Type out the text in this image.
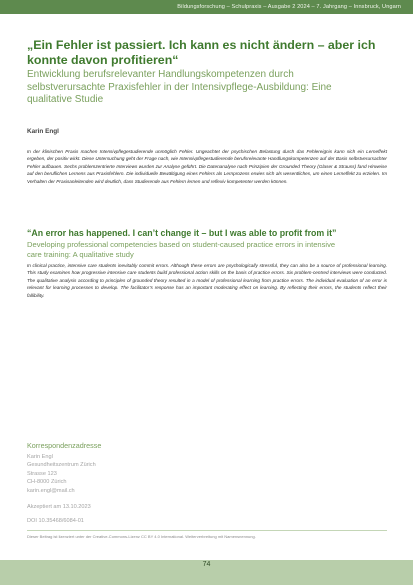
Bildungsforschung – Schulpraxis – Ausgabe 2 2024 – 7. Jahrgang – Innsbruck, Ungarn
„Ein Fehler ist passiert. Ich kann es nicht ändern – aber ich konnte davon profitieren“

Entwicklung berufsrelevanter Handlungskompetenzen durch selbstverursachte Praxisfehler in der Intensivpflege-Ausbildung: Eine qualitative Studie

Karin Engl

In der klinischen Praxis machen Intensivpflegestudierende unmöglich Fehler. Ungeachtet der psychischen Belastung durch das Fehlereignis kann sich ein Lerneffekt ergeben, der positiv wirkt. Diese Untersuchung geht der Frage nach, wie Intensivpflegestudierende berufsrelevante Handlungskompetenzen auf der Basis selbstverursachter Fehler aufbauen. Sechs problemzentrierte Interviews wurden zur Analyse geführt. Die Datenanalyse nach Prinzipien der Grounded Theory (Glaser & Strauss) fand Hinweise auf den beruflichen Lernens aus Praxisfehlern. Die individuelle Bewältigung eines Fehlers als Lernprozess erwies sich als wesentliches, um einen Lerneffekt zu erzielen. Im Verhalten der Praxisanleitenden wird deutlich, dass Studierende aus Fehlern lernen und reflexiv kompetenter werden können.

“An error has happened. I can’t change it – but I was able to profit from it”

Developing professional competencies based on student-caused practice errors in intensive care training: A qualitative study

In clinical practice, intensive care students inevitably commit errors. Although these errors are psychologically stressful, they can also be a source of professional learning. This study examines how progressive intensive care students build professional action skills on the basis of practice errors. Six problem-centred interviews were conducted. The qualitative analysis according to principles of grounded theory resulted in a model of professional learning from practice errors. The individual evaluation of an error is relevant for learning processes to develop. The facilitator’s response has an important moderating effect on learning. By reflecting their errors, the students reflect their fallibility.

Korrespondenzadresse

Karin Engl

Gesundheitszentrum Zürich

Strasse 123

CH-8000 Zürich

karin.engl@mail.ch

Akzeptiert am 13.10.2023

DOI 10.35468/6084-01

Dieser Beitrag ist lizenziert unter der Creative-Commons-Lizenz CC BY 4.0 International. Weiterverbreitung mit Namensnennung.

74
